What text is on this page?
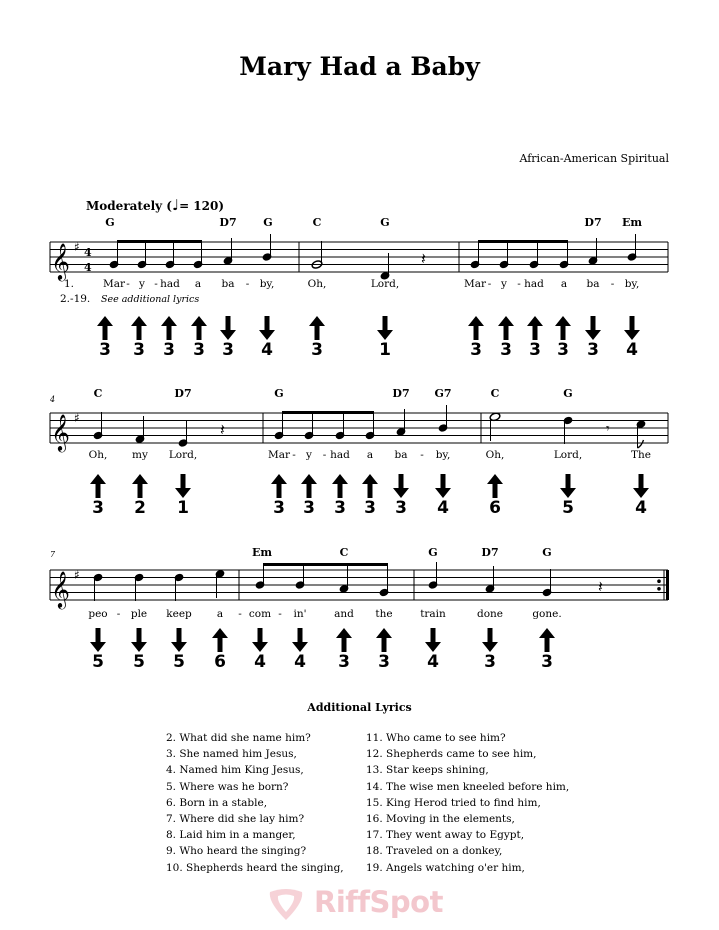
Mary Had a Baby
African-American Spiritual
Moderately (♩= 120)
𝄞 ♯ 4
4	𝄽
𝄞 ♯
𝄽	𝄾
𝄞 ♯
𝄽
G	D7 G	C	G	D7 Em
Mar - y - had a ba - by,	Oh,	Lord,	Mar - y - had a ba - by,
1.
2.-19. See additional lyrics
3	3	3	3	3	4	3	1	3	3	3 3	3	4
4	C	D7	G	D7 G7	C	G
Oh, my Lord,	Mar - y - had a ba - by,	Oh,	Lord,	The
3	2	1	3	3	3	3	3	4	6	5	4
7	Em	C	G	D7	G
peo - ple keep a - com - in'	and the	train	done	gone.
5	5	5	6	4	4	3	3	4	3	3
Additional Lyrics
2. What did she name him?
3. She named him Jesus,
4. Named him King Jesus,
5. Where was he born?
6. Born in a stable,
7. Where did she lay him?
8. Laid him in a manger,
9. Who heard the singing?
10. Shepherds heard the singing,
11. Who came to see him?
12. Shepherds came to see him,
13. Star keeps shining,
14. The wise men kneeled before him,
15. King Herod tried to find him,
16. Moving in the elements,
17. They went away to Egypt,
18. Traveled on a donkey,
19. Angels watching o'er him,
RiffSpot
